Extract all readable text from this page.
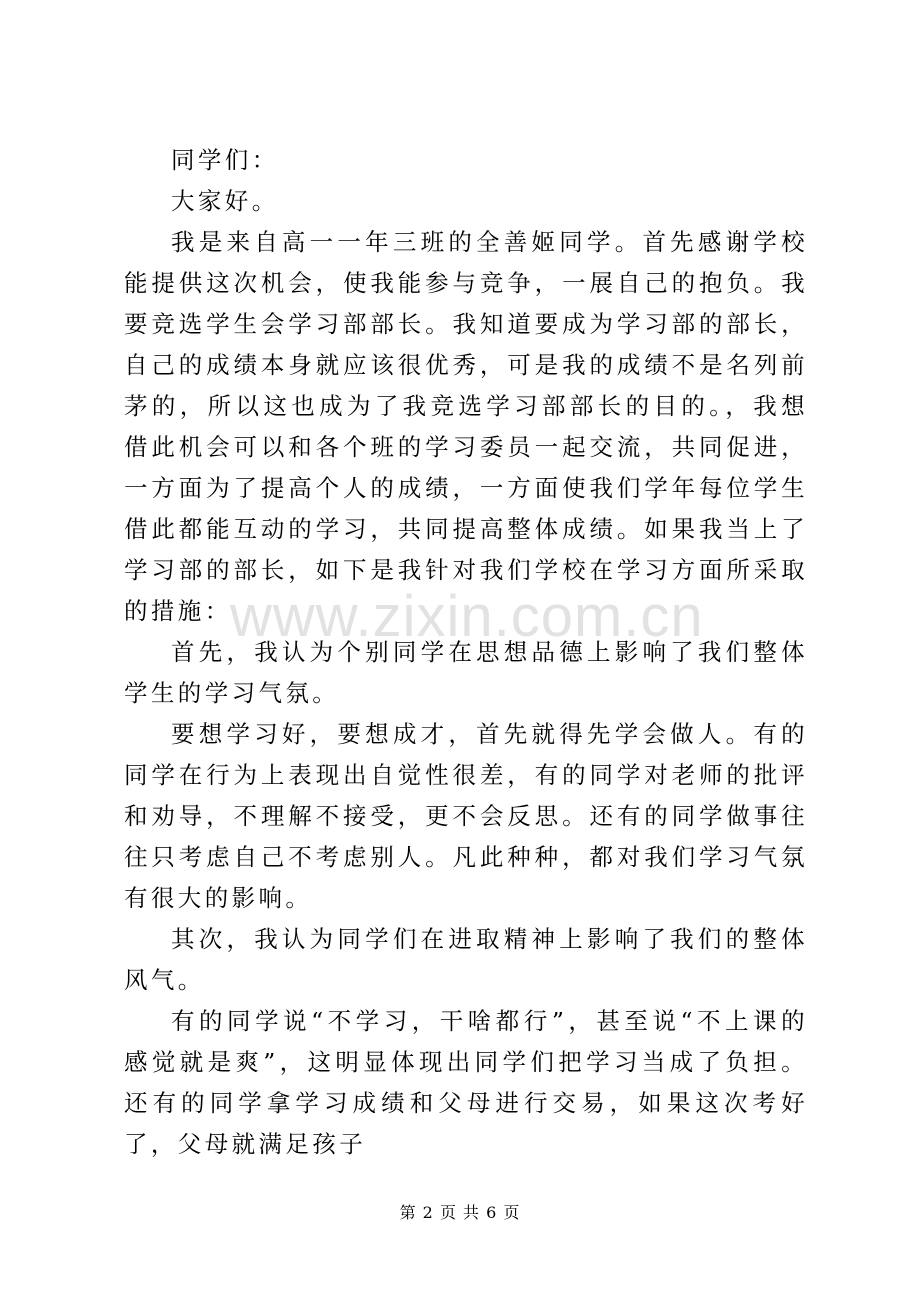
同学们：

大家好。

我是来自高一一年三班的全善姬同学。首先感谢学校能提供这次机会，使我能参与竞争，一展自己的抱负。我要竞选学生会学习部部长。我知道要成为学习部的部长，自己的成绩本身就应该很优秀，可是我的成绩不是名列前茅的，所以这也成为了我竞选学习部部长的目的。，我想借此机会可以和各个班的学习委员一起交流，共同促进，一方面为了提高个人的成绩，一方面使我们学年每位学生借此都能互动的学习，共同提高整体成绩。如果我当上了学习部的部长，如下是我针对我们学校在学习方面所采取的措施：

首先，我认为个别同学在思想品德上影响了我们整体学生的学习气氛。

要想学习好，要想成才，首先就得先学会做人。有的同学在行为上表现出自觉性很差，有的同学对老师的批评和劝导，不理解不接受，更不会反思。还有的同学做事往往只考虑自己不考虑别人。凡此种种，都对我们学习气氛有很大的影响。

其次，我认为同学们在进取精神上影响了我们的整体风气。

有的同学说“不学习，干啥都行”，甚至说“不上课的感觉就是爽”，这明显体现出同学们把学习当成了负担。还有的同学拿学习成绩和父母进行交易，如果这次考好了，父母就满足孩子

www.zixin.com.cn
第 2 页 共 6 页
